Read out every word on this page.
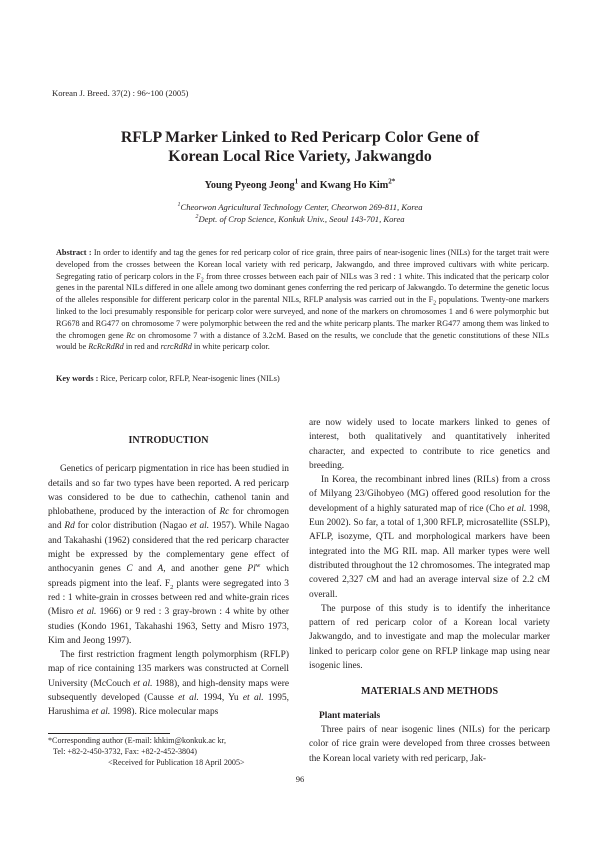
Korean J. Breed. 37(2) : 96~100 (2005)
RFLP Marker Linked to Red Pericarp Color Gene of
Korean Local Rice Variety, Jakwangdo
Young Pyeong Jeong$^1$ and Kwang Ho Kim$^{2*}$
$^1$Cheorwon Agricultural Technology Center, Cheorwon 269-811, Korea
$^2$Dept. of Crop Science, Konkuk Univ., Seoul 143-701, Korea
Abstract : In order to identify and tag the genes for red pericarp color of rice grain, three pairs of near-isogenic lines (NILs) for the target trait were developed from the crosses between the Korean local variety with red pericarp, Jakwangdo, and three improved cultivars with white pericarp. Segregating ratio of pericarp colors in the $F_2$ from three crosses between each pair of NILs was 3 red : 1 white. This indicated that the pericarp color genes in the parental NILs differed in one allele among two dominant genes conferring the red pericarp of Jakwangdo. To determine the genetic locus of the alleles responsible for different pericarp color in the parental NILs, RFLP analysis was carried out in the $F_2$ populations. Twenty-one markers linked to the loci presumably responsible for pericarp color were surveyed, and none of the markers on chromosomes 1 and 6 were polymorphic but RG678 and RG477 on chromosome 7 were polymorphic between the red and the white pericarp plants. The marker RG477 among them was linked to the chromogen gene Rc on chromosome 7 with a distance of 3.2cM. Based on the results, we conclude that the genetic constitutions of these NILs would be RcRcRdRd in red and rcrcRdRd in white pericarp color.
Key words : Rice, Pericarp color, RFLP, Near-isogenic lines (NILs)
INTRODUCTION

Genetics of pericarp pigmentation in rice has been studied in details and so far two types have been reported. A red pericarp was considered to be due to cathechin, cathenol tanin and phlobathene, produced by the interaction of Rc for chromogen and Rd for color distribution (Nagao et al. 1957). While Nagao and Takahashi (1962) considered that the red pericarp character might be expressed by the complementary gene effect of anthocyanin genes C and A, and another gene Pl$^w$ which spreads pigment into the leaf. $F_2$ plants were segregated into 3 red : 1 white-grain in crosses between red and white-grain rices (Misro et al. 1966) or 9 red : 3 gray-brown : 4 white by other studies (Kondo 1961, Takahashi 1963, Setty and Misro 1973, Kim and Jeong 1997).

The first restriction fragment length polymorphism (RFLP) map of rice containing 135 markers was constructed at Cornell University (McCouch et al. 1988), and high-density maps were subsequently developed (Causse et al. 1994, Yu et al. 1995, Harushima et al. 1998). Rice molecular maps

are now widely used to locate markers linked to genes of interest, both qualitatively and quantitatively inherited character, and expected to contribute to rice genetics and breeding.

In Korea, the recombinant inbred lines (RILs) from a cross of Milyang 23/Gihobyeo (MG) offered good resolution for the development of a highly saturated map of rice (Cho et al. 1998, Eun 2002). So far, a total of 1,300 RFLP, microsatellite (SSLP), AFLP, isozyme, QTL and morphological markers have been integrated into the MG RIL map. All marker types were well distributed throughout the 12 chromosomes. The integrated map covered 2,327 cM and had an average interval size of 2.2 cM overall.

The purpose of this study is to identify the inheritance pattern of red pericarp color of a Korean local variety Jakwangdo, and to investigate and map the molecular marker linked to pericarp color gene on RFLP linkage map using near isogenic lines.

MATERIALS AND METHODS
Plant materials

Three pairs of near isogenic lines (NILs) for the pericarp color of rice grain were developed from three crosses between the Korean local variety with red pericarp, Jak-

*Corresponding author (E-mail: khkim@konkuk.ac kr,
Tel: +82-2-450-3732, Fax: +82-2-452-3804)
<Received for Publication 18 April 2005>
96
